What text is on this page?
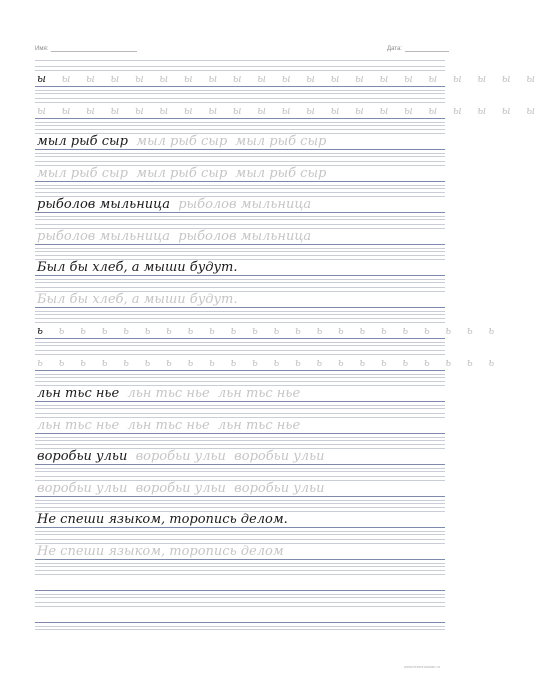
Имя:	Дата:
ы ы ы ы ы ы ы ы ы ы ы ы ы ы ы ы ы ы ы ы ы
ы ы ы ы ы ы ы ы ы ы ы ы ы ы ы ы ы ы ы ы ы
мыл рыб сыр мыл рыб сыр  мыл рыб сыр
мыл рыб сыр  мыл рыб сыр  мыл рыб сыр
рыболов мыльница рыболов мыльница
рыболов мыльница  рыболов мыльница
Был бы хлеб, а мыши будут.
Был бы хлеб, а мыши будут.
ь ь ь ь ь ь ь ь ь ь ь ь ь ь ь ь ь ь ь ь ь ь
ь ь ь ь ь ь ь ь ь ь ь ь ь ь ь ь ь ь ь ь ь ь
льн тьс нье льн тьс нье  льн тьс нье
льн тьс нье  льн тьс нье  льн тьс нье
воробьи ульи воробьи ульи  воробьи ульи
воробьи ульи  воробьи ульи  воробьи ульи
Не спеши языком, торопись делом.
Не спеши языком, торопись делом
www.learnrussian.ru
